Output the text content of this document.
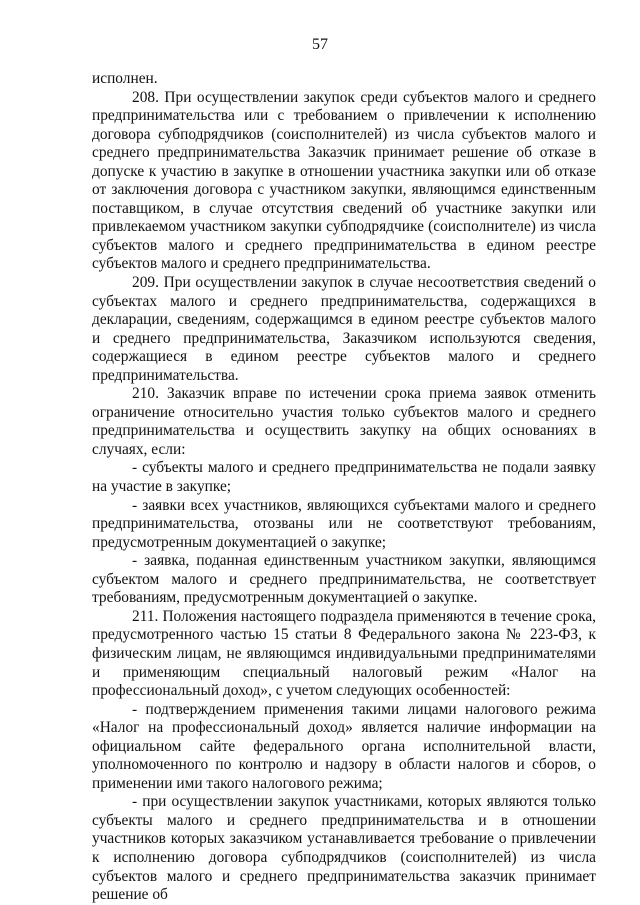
57

исполнен.

208. При осуществлении закупок среди субъектов малого и среднего предпринимательства или с требованием о привлечении к исполнению договора субподрядчиков (соисполнителей) из числа субъектов малого и среднего предпринимательства Заказчик принимает решение об отказе в допуске к участию в закупке в отношении участника закупки или об отказе от заключения договора с участником закупки, являющимся единственным поставщиком, в случае отсутствия сведений об участнике закупки или привлекаемом участником закупки субподрядчике (соисполнителе) из числа субъектов малого и среднего предпринимательства в едином реестре субъектов малого и среднего предпринимательства.

209. При осуществлении закупок в случае несоответствия сведений о субъектах малого и среднего предпринимательства, содержащихся в декларации, сведениям, содержащимся в едином реестре субъектов малого и среднего предпринимательства, Заказчиком используются сведения, содержащиеся в едином реестре субъектов малого и среднего предпринимательства.

210. Заказчик вправе по истечении срока приема заявок отменить ограничение относительно участия только субъектов малого и среднего предпринимательства и осуществить закупку на общих основаниях в случаях, если:

- субъекты малого и среднего предпринимательства не подали заявку на участие в закупке;

- заявки всех участников, являющихся субъектами малого и среднего предпринимательства, отозваны или не соответствуют требованиям, предусмотренным документацией о закупке;

- заявка, поданная единственным участником закупки, являющимся субъектом малого и среднего предпринимательства, не соответствует требованиям, предусмотренным документацией о закупке.

211. Положения настоящего подраздела применяются в течение срока, предусмотренного частью 15 статьи 8 Федерального закона № 223-ФЗ, к физическим лицам, не являющимся индивидуальными предпринимателями и применяющим специальный налоговый режим «Налог на профессиональный доход», с учетом следующих особенностей:

- подтверждением применения такими лицами налогового режима «Налог на профессиональный доход» является наличие информации на официальном сайте федерального органа исполнительной власти, уполномоченного по контролю и надзору в области налогов и сборов, о применении ими такого налогового режима;

- при осуществлении закупок участниками, которых являются только субъекты малого и среднего предпринимательства и в отношении участников которых заказчиком устанавливается требование о привлечении к исполнению договора субподрядчиков (соисполнителей) из числа субъектов малого и среднего предпринимательства заказчик принимает решение об
